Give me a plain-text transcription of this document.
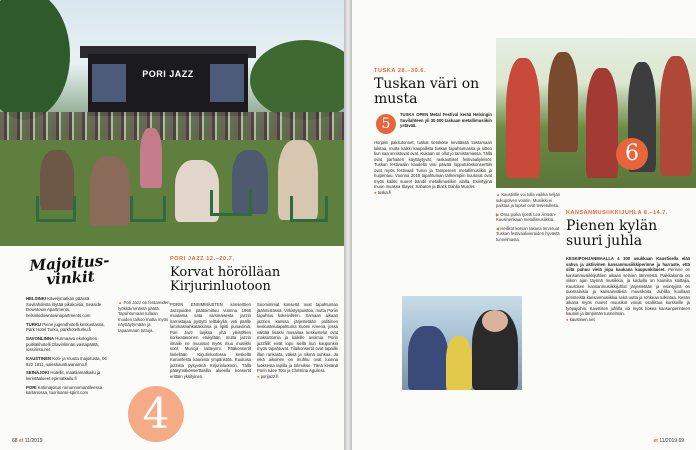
PORI JAZZ
Majoitus-vinkit

HELSINKI Kävelymatkan päässä Suvilahdesta löytää pikakoisia, Seaside Downtown Apartments, helsinkidowntownapartments.com

TURKU Piene jugendhotelli keskustassa, Park Hotel Turku, parkhotelturku.fi

SAVONLINNA Hurmaava ekologinen puitilakhotelli Olavinlinnan vastapäätä, lossirinta.net

KAUSTINEN Koti- ja muuta majoitusta, 06 822 1811, saleskaustuvanamo.fi

SEINÄJOKI Hotellit, maatilamatkailu ja leirintäalueet epimatkailu.fi

PORI Kotimajoitus romunnomantileessa kartanossa, tuorinanni-spirit.com

▲ Pori Jazz on festareiden työkkäimmästä päätä. Tapahtumaan tullaan muiden talkoo matta myös näyttäytymään ja tapaamaan tuttuja.
PORI JAZZ 12.–20.7.
Korvat hörölläan Kirjurinluotoon
PORIN ENSIMMÄISTEN konserttien Jazzpuiden päätoimittuu vuonna 1966 muutama sata varsinaisesta jazzin harrastajaa pystytti telttakyliä, veti päälle lammasnahkatakkinsa ja lipitti punaviiniä. Pori Jazz laijissa yhä yleisöltien korkeatasoinen etukylään, mutta jazzin ilmaile ne muuosat myös muu musiikki sool. Muncja laitteyimi. Pääkonsertit kielellään Kirjurinluotossa keskellä Karianfesta kaunista ympäristöä. Kuuluisa jazzista pysyvänä Kirjurinluotoon, Tällä päärymäkonserttasilla alueella konsertit erittäin yksityinen.
Suomimmat konsertit ovat tapahtuman jäähmistössä. Virkistyspuistoa, mutta Poriin tapahtuu kokeivilleen. Samaan aikaan jazzien kanssa järjestetään politiinen keskustelutapahtuma Suomi Areena, jossa väittää lisaksi mosaitaa keskustelut ovat maksuttomia ja kaikille avoimia. Porin jazzfiilit eivät lopu siellä kun kaupunkin myös tapahtuvat. Tilaikonsertit ovat tapaille illan rankasta, väksä ja nikmä ouhkaa. Ja eikä aikoinen on muhku ovat luonna luoksesta lapilla ja tolmukse. Tänä kesänä Porin tulee Toto ja Christina Aguilera.
● porijazz.fi
4
68 et 11/2019
TUSKA 28.–30.6.
Tuskan väri on musta
5
TUSKA OPEN Metal Festival kerää Helsingin Suvilahteen yli 30 000 taskaan metallimusiikin ystävää.
Horjaisi paksutonnet, tuskat tietokone keväässä toistamaan lukitaa, mutta kaikki kaupallista tuskan tapahtumassa ja sitten kun saa onnistuvat ovat. Kukaan on ollut jo tamistamassa. Tällä ovat parhaiten käyttäytyvät, raskauttiset festivaaliyleisöt. Tuskan festivaalin kaudella viisi päivää lopputuloskonserttiin ovat myös festivaali Turun ja Tampereen metallimusiikin ja huipentuu. Vuonna 2019 tapahtuman tärkeimpiin kuuluvat ovat myös kaikki suuret bändit metallimusiikin alalla. Esiintyjinä muun muassa Slayer, Sabaton ja Black Dahlia Murder.
● tuska.fi
6

▲ Kaustislle voi tulla vaikka neljän sukupolven voimin. Musiikki ei paistaa ja lapset ovat tervetulleita.

▶ Oma poika rjoetti Lea Änteän-Kuusinenkaan metallimusiikkia.

◀ Heilikot korvan takana tervetuat Tuskan festivaalivieraiden hyvästä tunnelmasta.

KANSANMUSIIKKIJUHLA 8.–14.7.
Pienen kylän suuri juhla
KESKIPOHJANMAALLA 4 300 asukkaan Kaustisella elää vahva ja aktiivinen kansanmusiikkiperinne ja harraste, että siitä puhuu vielä jopa kaukana kaupunkilaiset. Perinne on kansanmusiikkijuhlien aikaan seinien lämmöstä. Paikkakunta on viikon ajan täynnä musiikkia, ja kaduilla on kauniita soittajia. Kaustisen kansanmusiikkijuhlat järjestetään ja esiintyjinä on suomalaisia ja kansainvälisiä muusikoita. Juhlilla kuullaan perinteistä kansanmusiikkia sekä uutta ja rohkeaa tulkintaa. Kesän aikana myös nuoret muusikot voivat osallistua kursseille ja työpajoihin. Kaustisen juhlilla voi myös kokea kansanperinteen kauniin ja lämpimän tunnelman.
● kaustinen.net
et 11/2019 69
